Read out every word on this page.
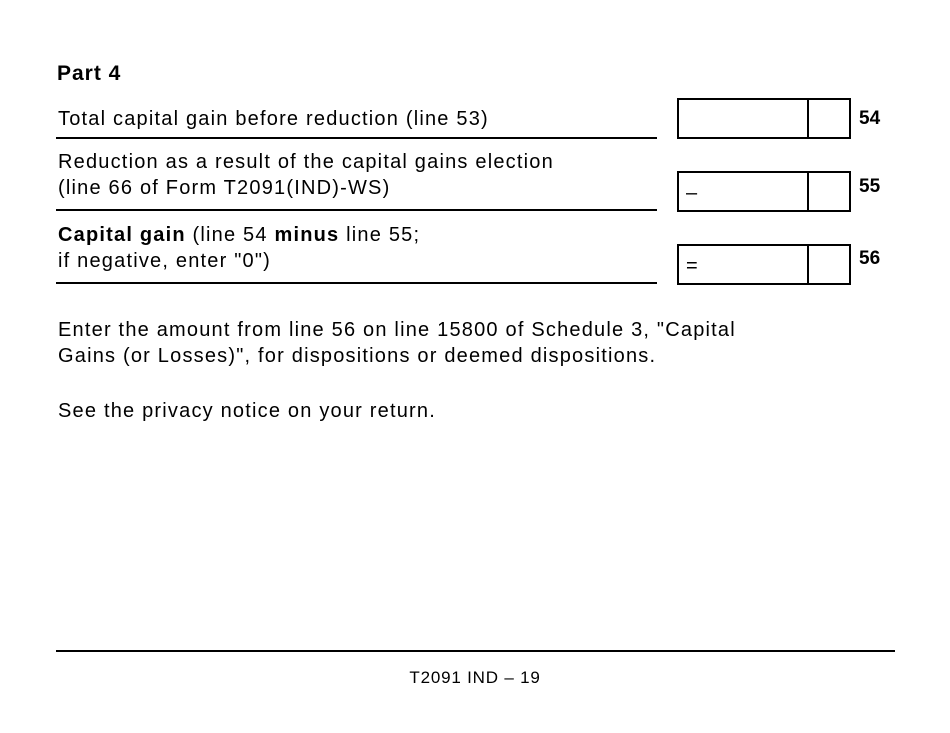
Part 4
Total capital gain before reduction (line 53)	54
Reduction as a result of the capital gains election
(line 66 of Form T2091(IND)-WS)	–	55
Capital gain (line 54 minus line 55;
if negative, enter "0")	=	56
Enter the amount from line 56 on line 15800 of Schedule 3, "Capital
Gains (or Losses)", for dispositions or deemed dispositions.
See the privacy notice on your return.
T2091 IND – 19
